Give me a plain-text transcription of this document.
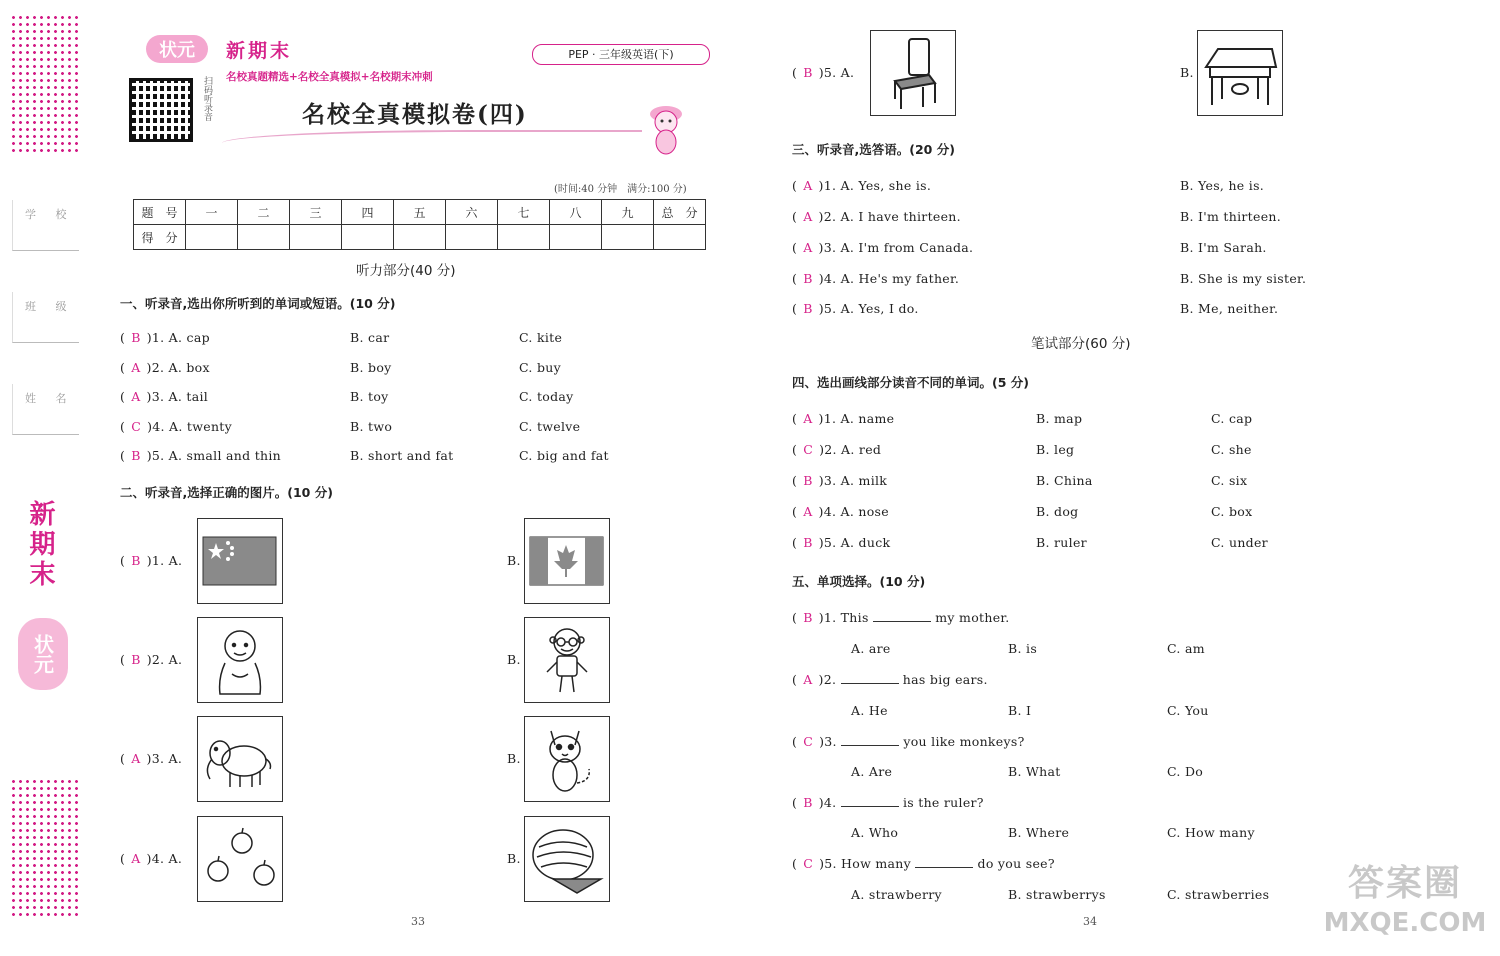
学 校
班 级
姓 名
新期末
状元
状元 新期末
名校真题精选+名校全真模拟+名校期末冲刺
PEP · 三年级英语(下)
扫码听录音	名校全真模拟卷(四)
(时间:40 分钟　满分:100 分)
题　号	一	二	三	四	五	六	七	八	九	总　分
得　分										
听力部分(40 分)
一、听录音,选出你所听到的单词或短语。(10 分)
( B )1. A. cap	B. car	C. kite
( A )2. A. box	B. boy	C. buy
( A )3. A. tail	B. toy	C. today
( C )4. A. twenty	B. two	C. twelve
( B )5. A. small and thin	B. short and fat	C. big and fat
二、听录音,选择正确的图片。(10 分)
( B )1. A.	B.
( B )2. A.	B.
( A )3. A.	B.
( A )4. A.	B.
33
( B )5. A.	B.
三、听录音,选答语。(20 分)
( A )1. A. Yes, she is.	B. Yes, he is.
( A )2. A. I have thirteen.	B. I'm thirteen.
( A )3. A. I'm from Canada.	B. I'm Sarah.
( B )4. A. He's my father.	B. She is my sister.
( B )5. A. Yes, I do.	B. Me, neither.
笔试部分(60 分)
四、选出画线部分读音不同的单词。(5 分)
( A )1. A. name	B. map	C. cap
( C )2. A. red	B. leg	C. she
( B )3. A. milk	B. China	C. six
( A )4. A. nose	B. dog	C. box
( B )5. A. duck	B. ruler	C. under
五、单项选择。(10 分)
( B )1. This	my mother.
A. are	B. is	C. am
( A )2.	has big ears.
A. He	B. I	C. You
( C )3.	you like monkeys?
A. Are	B. What	C. Do
( B )4.	is the ruler?
A. Who	B. Where	C. How many
( C )5. How many	do you see?
A. strawberry	B. strawberrys	C. strawberries
34
答案圈
MXQE.COM
